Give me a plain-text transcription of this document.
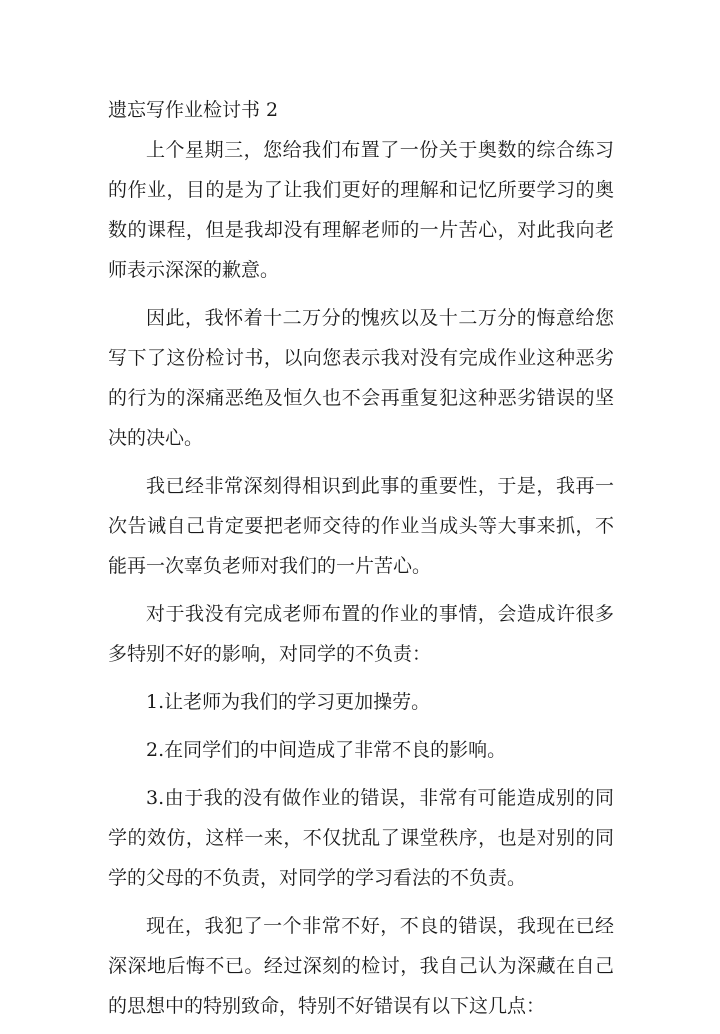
遗忘写作业检讨书 2

上个星期三，您给我们布置了一份关于奥数的综合练习的作业，目的是为了让我们更好的理解和记忆所要学习的奥数的课程，但是我却没有理解老师的一片苦心，对此我向老师表示深深的歉意。

因此，我怀着十二万分的愧疚以及十二万分的悔意给您写下了这份检讨书，以向您表示我对没有完成作业这种恶劣的行为的深痛恶绝及恒久也不会再重复犯这种恶劣错误的坚决的决心。

我已经非常深刻得相识到此事的重要性，于是，我再一次告诫自己肯定要把老师交待的作业当成头等大事来抓，不能再一次辜负老师对我们的一片苦心。

对于我没有完成老师布置的作业的事情，会造成许很多多特别不好的影响，对同学的不负责：

1.让老师为我们的学习更加操劳。

2.在同学们的中间造成了非常不良的影响。

3.由于我的没有做作业的错误，非常有可能造成别的同学的效仿，这样一来，不仅扰乱了课堂秩序，也是对别的同学的父母的不负责，对同学的学习看法的不负责。

现在，我犯了一个非常不好，不良的错误，我现在已经深深地后悔不已。经过深刻的检讨，我自己认为深藏在自己的思想中的特别致命，特别不好错误有以下这几点：
